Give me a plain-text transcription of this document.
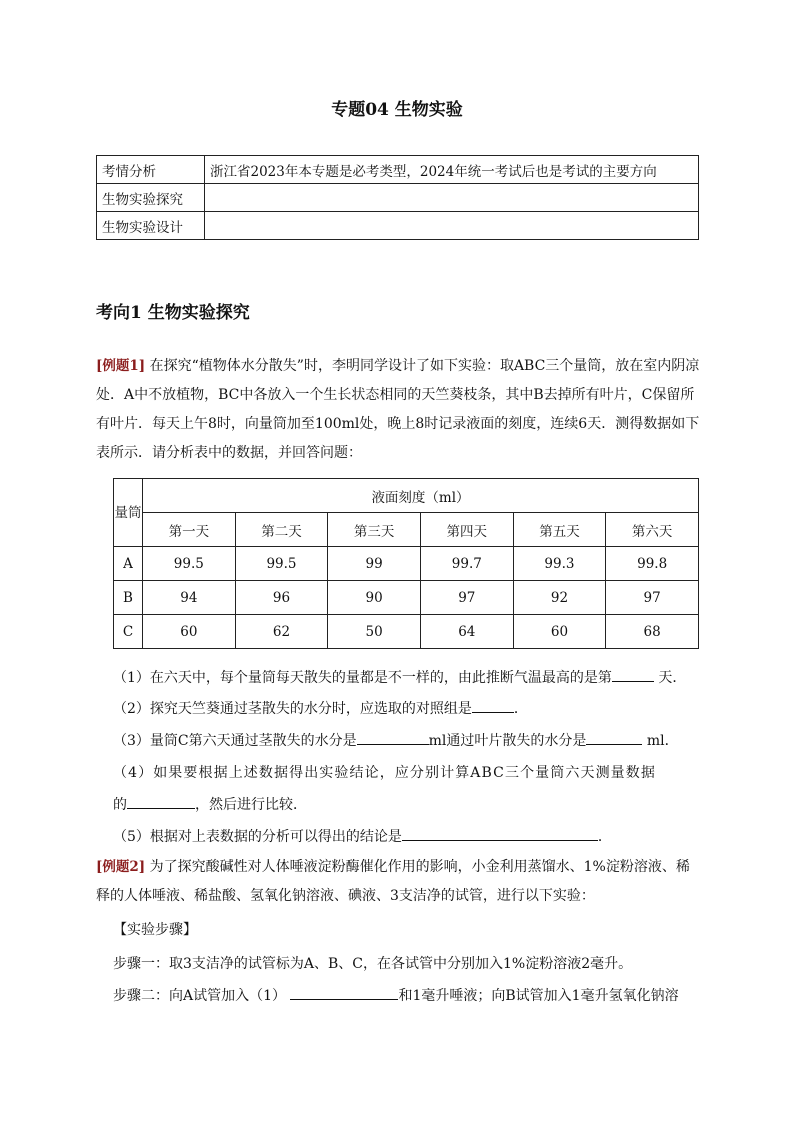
专题04 生物实验
考情分析	浙江省2023年本专题是必考类型，2024年统一考试后也是考试的主要方向
生物实验探究	
生物实验设计	
考向1 生物实验探究
[例题1] 在探究“植物体水分散失”时，李明同学设计了如下实验：取ABC三个量筒，放在室内阴凉处．A中不放植物，BC中各放入一个生长状态相同的天竺葵枝条，其中B去掉所有叶片，C保留所有叶片．每天上午8时，向量筒加至100ml处，晚上8时记录液面的刻度，连续6天．测得数据如下表所示．请分析表中的数据，并回答问题：
量筒	液面刻度（ml）					
	第一天	第二天	第三天	第四天	第五天	第六天
A	99.5	99.5	99	99.7	99.3	99.8
B	94	96	90	97	92	97
C	60	62	50	64	60	68
（1）在六天中，每个量筒每天散失的量都是不一样的，由此推断气温最高的是第	天．
（2）探究天竺葵通过茎散失的水分时，应选取的对照组是	．
（3）量筒C第六天通过茎散失的水分是	ml通过叶片散失的水分是	ml．
（4）如果要根据上述数据得出实验结论，应分别计算ABC三个量筒六天测量数据
的	，然后进行比较．
（5）根据对上表数据的分析可以得出的结论是	．
[例题2] 为了探究酸碱性对人体唾液淀粉酶催化作用的影响，小金利用蒸馏水、1%淀粉溶液、稀释的人体唾液、稀盐酸、氢氧化钠溶液、碘液、3支洁净的试管，进行以下实验：
【实验步骤】
步骤一：取3支洁净的试管标为A、B、C，在各试管中分别加入1%淀粉溶液2毫升。
步骤二：向A试管加入（1）	和1毫升唾液；向B试管加入1毫升氢氧化钠溶
